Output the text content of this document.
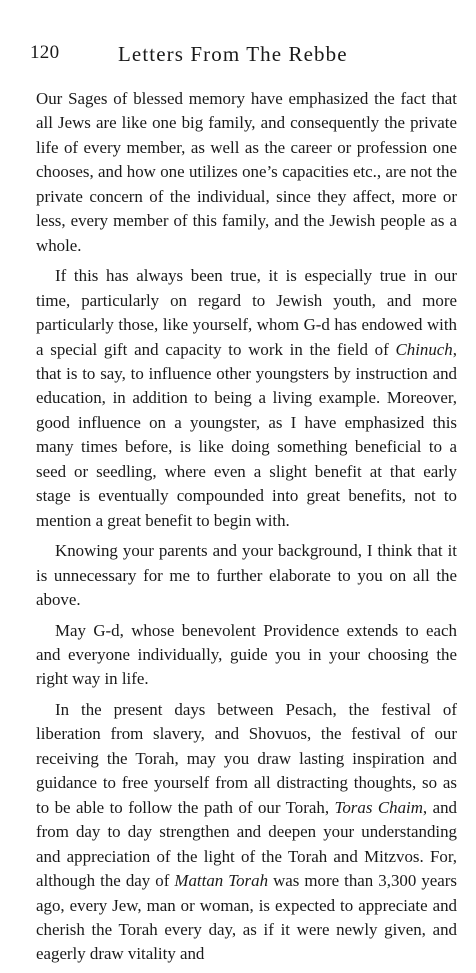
120	Letters From The Rebbe

Our Sages of blessed memory have emphasized the fact that all Jews are like one big family, and consequently the private life of every member, as well as the career or profession one chooses, and how one utilizes one’s capacities etc., are not the private concern of the individual, since they affect, more or less, every member of this family, and the Jewish people as a whole.

If this has always been true, it is especially true in our time, particularly on regard to Jewish youth, and more particularly those, like yourself, whom G-d has endowed with a special gift and capacity to work in the field of Chinuch, that is to say, to influence other youngsters by instruction and education, in addition to being a living example. Moreover, good influence on a youngster, as I have emphasized this many times before, is like doing something beneficial to a seed or seedling, where even a slight benefit at that early stage is eventually compounded into great benefits, not to mention a great benefit to begin with.

Knowing your parents and your background, I think that it is unnecessary for me to further elaborate to you on all the above.

May G-d, whose benevolent Providence extends to each and everyone individually, guide you in your choosing the right way in life.

In the present days between Pesach, the festival of liberation from slavery, and Shovuos, the festival of our receiving the Torah, may you draw lasting inspiration and guidance to free yourself from all distracting thoughts, so as to be able to follow the path of our Torah, Toras Chaim, and from day to day strengthen and deepen your understanding and appreciation of the light of the Torah and Mitzvos. For, although the day of Mattan Torah was more than 3,300 years ago, every Jew, man or woman, is expected to appreciate and cherish the Torah every day, as if it were newly given, and eagerly draw vitality and
